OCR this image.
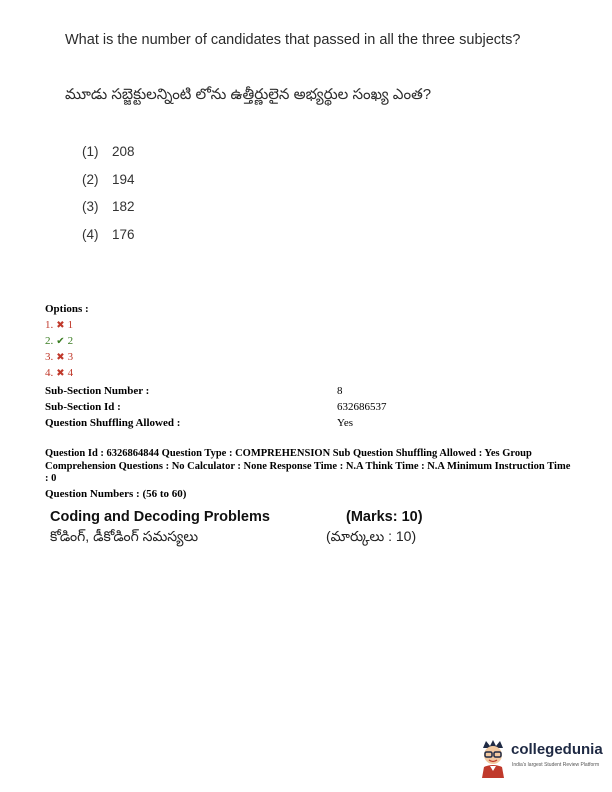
What is the number of candidates that passed in all the three subjects?
మూడు సబ్జెక్టులన్నింటి లోను ఉత్తీర్ణులైన అభ్యర్థుల సంఖ్య ఎంత?
(1) 208
(2) 194
(3) 182
(4) 176
Options :
1. ✖ 1
2. ✔ 2
3. ✖ 3
4. ✖ 4
Sub-Section Number :	8
Sub-Section Id :	632686537
Question Shuffling Allowed :	Yes
Question Id : 6326864844 Question Type : COMPREHENSION Sub Question Shuffling Allowed : Yes Group Comprehension Questions : No Calculator : None Response Time : N.A Think Time : N.A Minimum Instruction Time : 0
Question Numbers : (56 to 60)
Coding and Decoding Problems	(Marks: 10)
కోడింగ్, డీకోడింగ్ సమస్యలు	(మార్కులు : 10)
collegedunia
India's largest Student Review Platform
